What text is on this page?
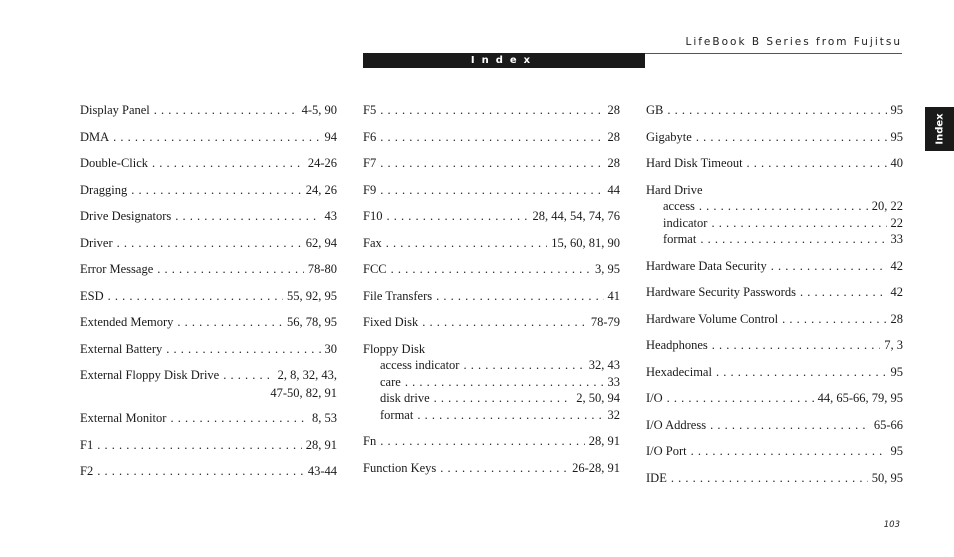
LifeBook B Series from Fujitsu
Index
Index
Display Panel . . .	4-5, 90
DMA . . .	94
Double-Click . . .	24-26
Dragging . . .	24, 26
Drive Designators . . .	43
Driver . . .	62, 94
Error Message . . .	78-80
ESD . . .	55, 92, 95
Extended Memory . . .	56, 78, 95
External Battery . . .	30
External Floppy Disk Drive . . .	2, 8, 32, 43,
47-50, 82, 91
External Monitor . . .	8, 53
F1 . . .	28, 91
F2 . . .	43-44
F5 . . .	28
F6 . . .	28
F7 . . .	28
F9 . . .	44
F10 . . .	28, 44, 54, 74, 76
Fax . . .	15, 60, 81, 90
FCC . . .	3, 95
File Transfers . . .	41
Fixed Disk . . .	78-79
Floppy Disk
access indicator . . .	32, 43
care . . .	33
disk drive . . .	2, 50, 94
format . . .	32
Fn . . .	28, 91
Function Keys . . .	26-28, 91
GB . . .	95
Gigabyte . . .	95
Hard Disk Timeout . . .	40
Hard Drive
access . . .	20, 22
indicator . . .	22
format . . .	33
Hardware Data Security . . .	42
Hardware Security Passwords . . .	42
Hardware Volume Control . . .	28
Headphones . . .	7, 3
Hexadecimal . . .	95
I/O . . .	44, 65-66, 79, 95
I/O Address . . .	65-66
I/O Port . . .	95
IDE . . .	50, 95
103
